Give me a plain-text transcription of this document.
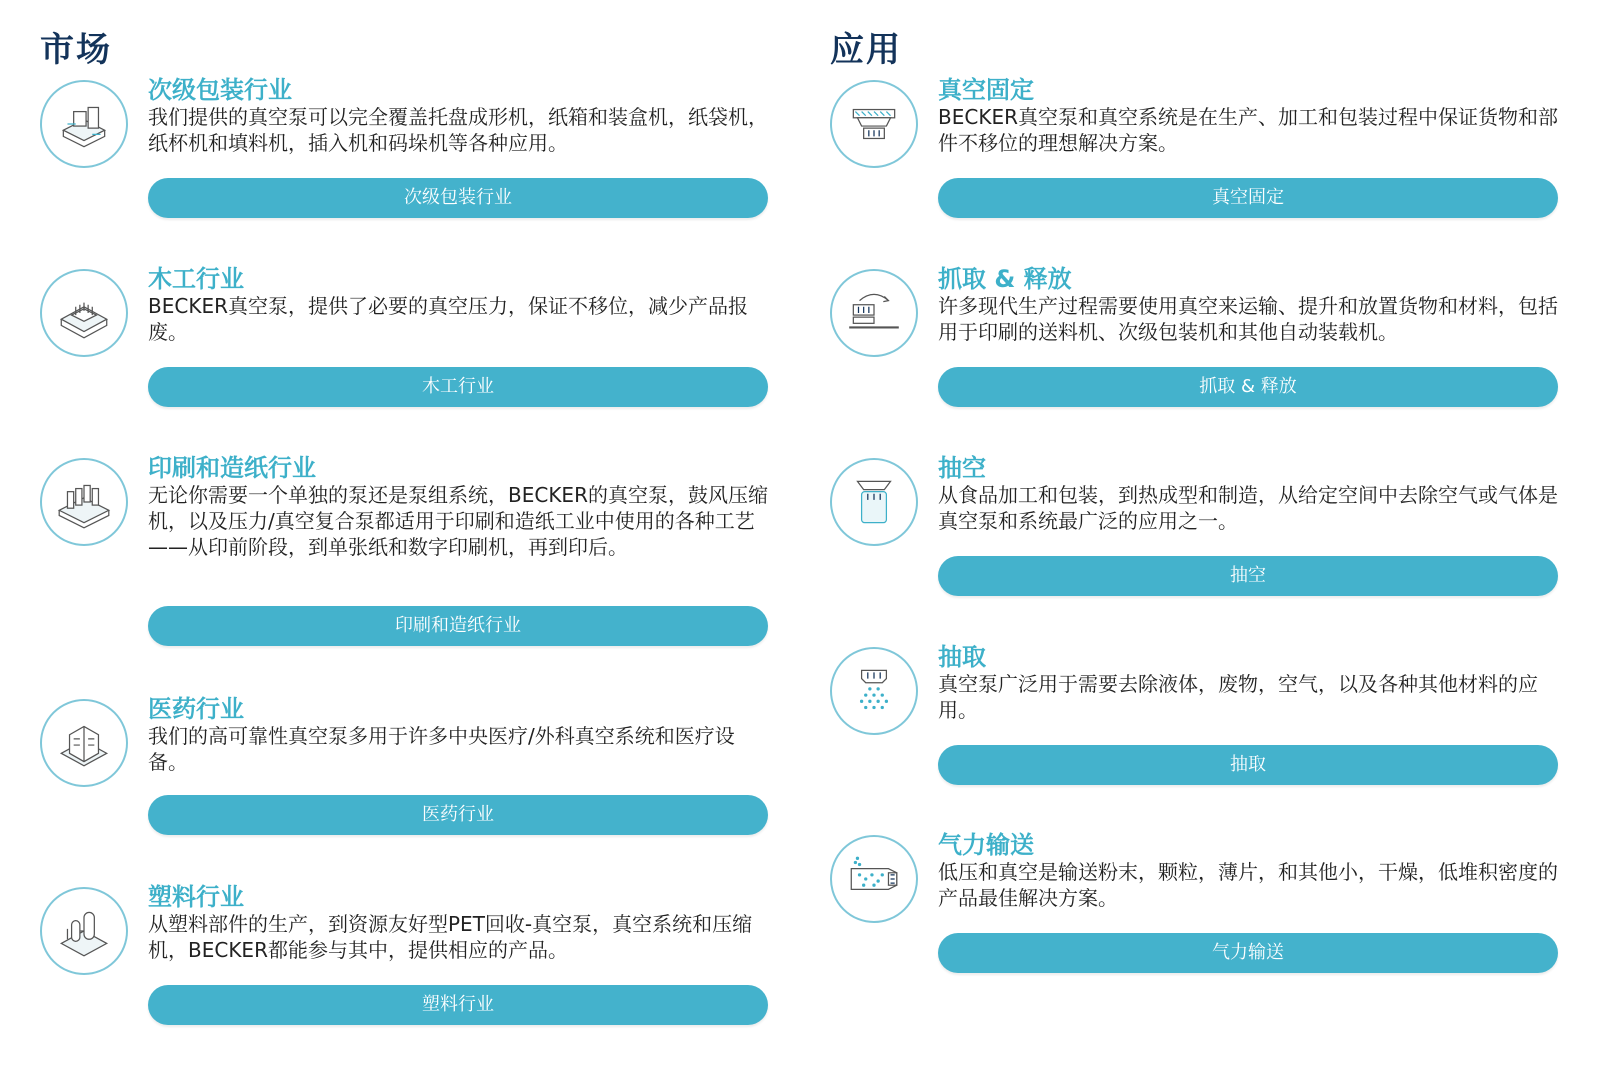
市场
次级包装行业
我们提供的真空泵可以完全覆盖托盘成形机，纸箱和装盒机，纸袋机，纸杯机和填料机，插入机和码垛机等各种应用。
次级包装行业
木工行业
BECKER真空泵，提供了必要的真空压力，保证不移位，减少产品报废。
木工行业
印刷和造纸行业
无论你需要一个单独的泵还是泵组系统，BECKER的真空泵，鼓风压缩机，以及压力/真空复合泵都适用于印刷和造纸工业中使用的各种工艺——从印前阶段，到单张纸和数字印刷机，再到印后。
印刷和造纸行业
医药行业
我们的高可靠性真空泵多用于许多中央医疗/外科真空系统和医疗设备。
医药行业
塑料行业
从塑料部件的生产，到资源友好型PET回收-真空泵，真空系统和压缩机，BECKER都能参与其中，提供相应的产品。
塑料行业
应用
真空固定
BECKER真空泵和真空系统是在生产、加工和包装过程中保证货物和部件不移位的理想解决方案。
真空固定
抓取 & 释放
许多现代生产过程需要使用真空来运输、提升和放置货物和材料，包括用于印刷的送料机、次级包装机和其他自动装载机。
抓取 & 释放
抽空
从食品加工和包装，到热成型和制造，从给定空间中去除空气或气体是真空泵和系统最广泛的应用之一。
抽空
抽取
真空泵广泛用于需要去除液体，废物，空气，以及各种其他材料的应用。
抽取
气力输送
低压和真空是输送粉末，颗粒，薄片，和其他小，干燥，低堆积密度的产品最佳解决方案。
气力输送
